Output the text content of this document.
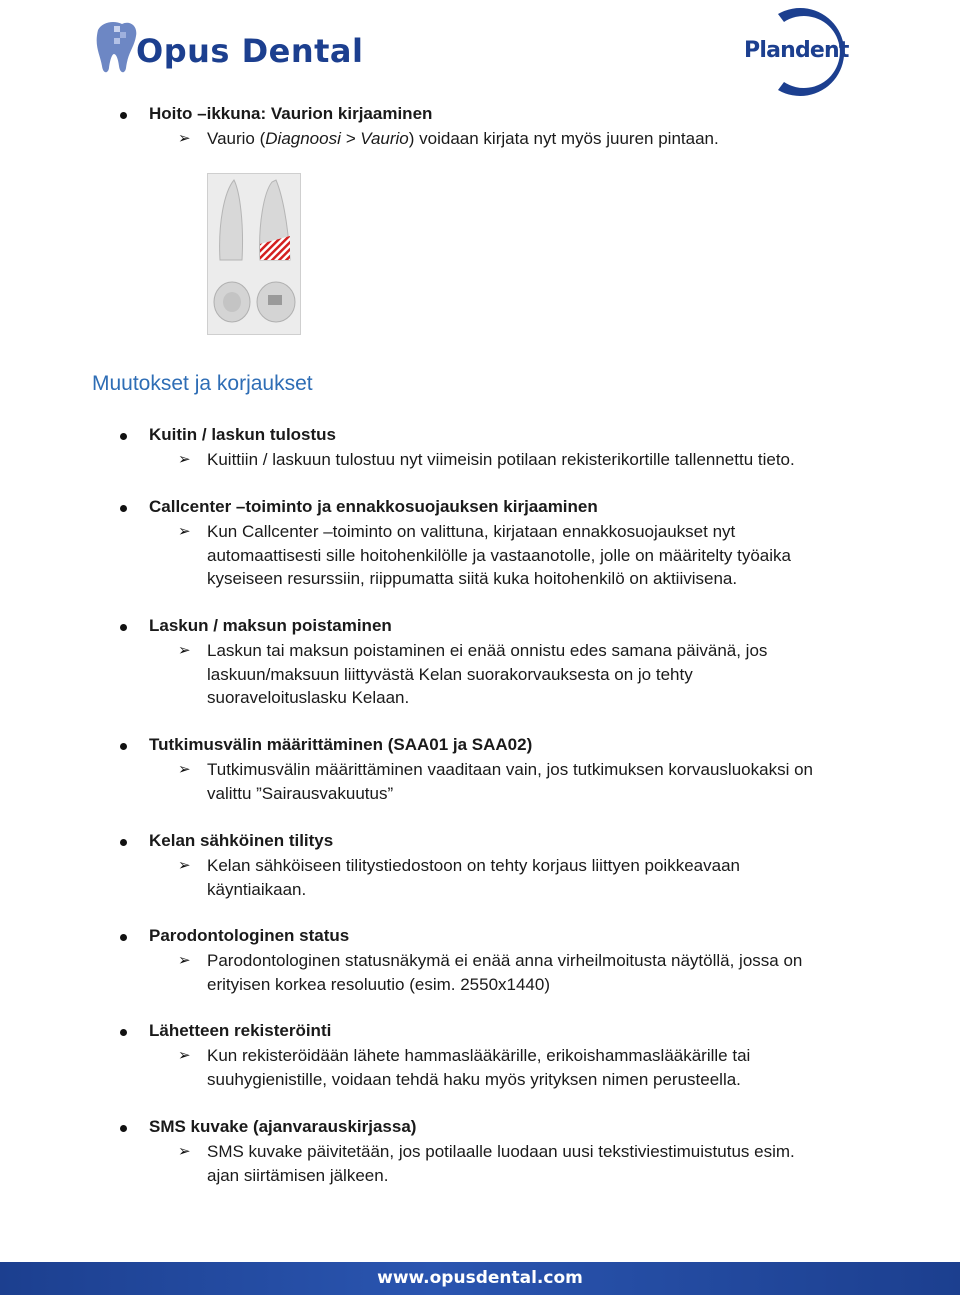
Opus Dental	Plandent
Hoito –ikkuna: Vaurion kirjaaminen
➢ Vaurio (Diagnoosi > Vaurio) voidaan kirjata nyt myös juuren pintaan.
Muutokset ja korjaukset
Kuitin / laskun tulostus
➢ Kuittiin / laskuun tulostuu nyt viimeisin potilaan rekisterikortille tallennettu tieto.
Callcenter –toiminto ja ennakkosuojauksen kirjaaminen
➢ Kun Callcenter –toiminto on valittuna, kirjataan ennakkosuojaukset nyt
automaattisesti sille hoitohenkilölle ja vastaanotolle, jolle on määritelty työaika
kyseiseen resurssiin, riippumatta siitä kuka hoitohenkilö on aktiivisena.
Laskun / maksun poistaminen
➢ Laskun tai maksun poistaminen ei enää onnistu edes samana päivänä, jos
laskuun/maksuun liittyvästä Kelan suorakorvauksesta on jo tehty
suoraveloituslasku Kelaan.
Tutkimusvälin määrittäminen (SAA01 ja SAA02)
➢ Tutkimusvälin määrittäminen vaaditaan vain, jos tutkimuksen korvausluokaksi on
valittu ”Sairausvakuutus”
Kelan sähköinen tilitys
➢ Kelan sähköiseen tilitystiedostoon on tehty korjaus liittyen poikkeavaan
käyntiaikaan.
Parodontologinen status
➢ Parodontologinen statusnäkymä ei enää anna virheilmoitusta näytöllä, jossa on
erityisen korkea resoluutio (esim. 2550x1440)
Lähetteen rekisteröinti
➢ Kun rekisteröidään lähete hammaslääkärille, erikoishammaslääkärille tai
suuhygienistille, voidaan tehdä haku myös yrityksen nimen perusteella.
SMS kuvake (ajanvarauskirjassa)
➢ SMS kuvake päivitetään, jos potilaalle luodaan uusi tekstiviestimuistutus esim.
ajan siirtämisen jälkeen.
www.opusdental.com
